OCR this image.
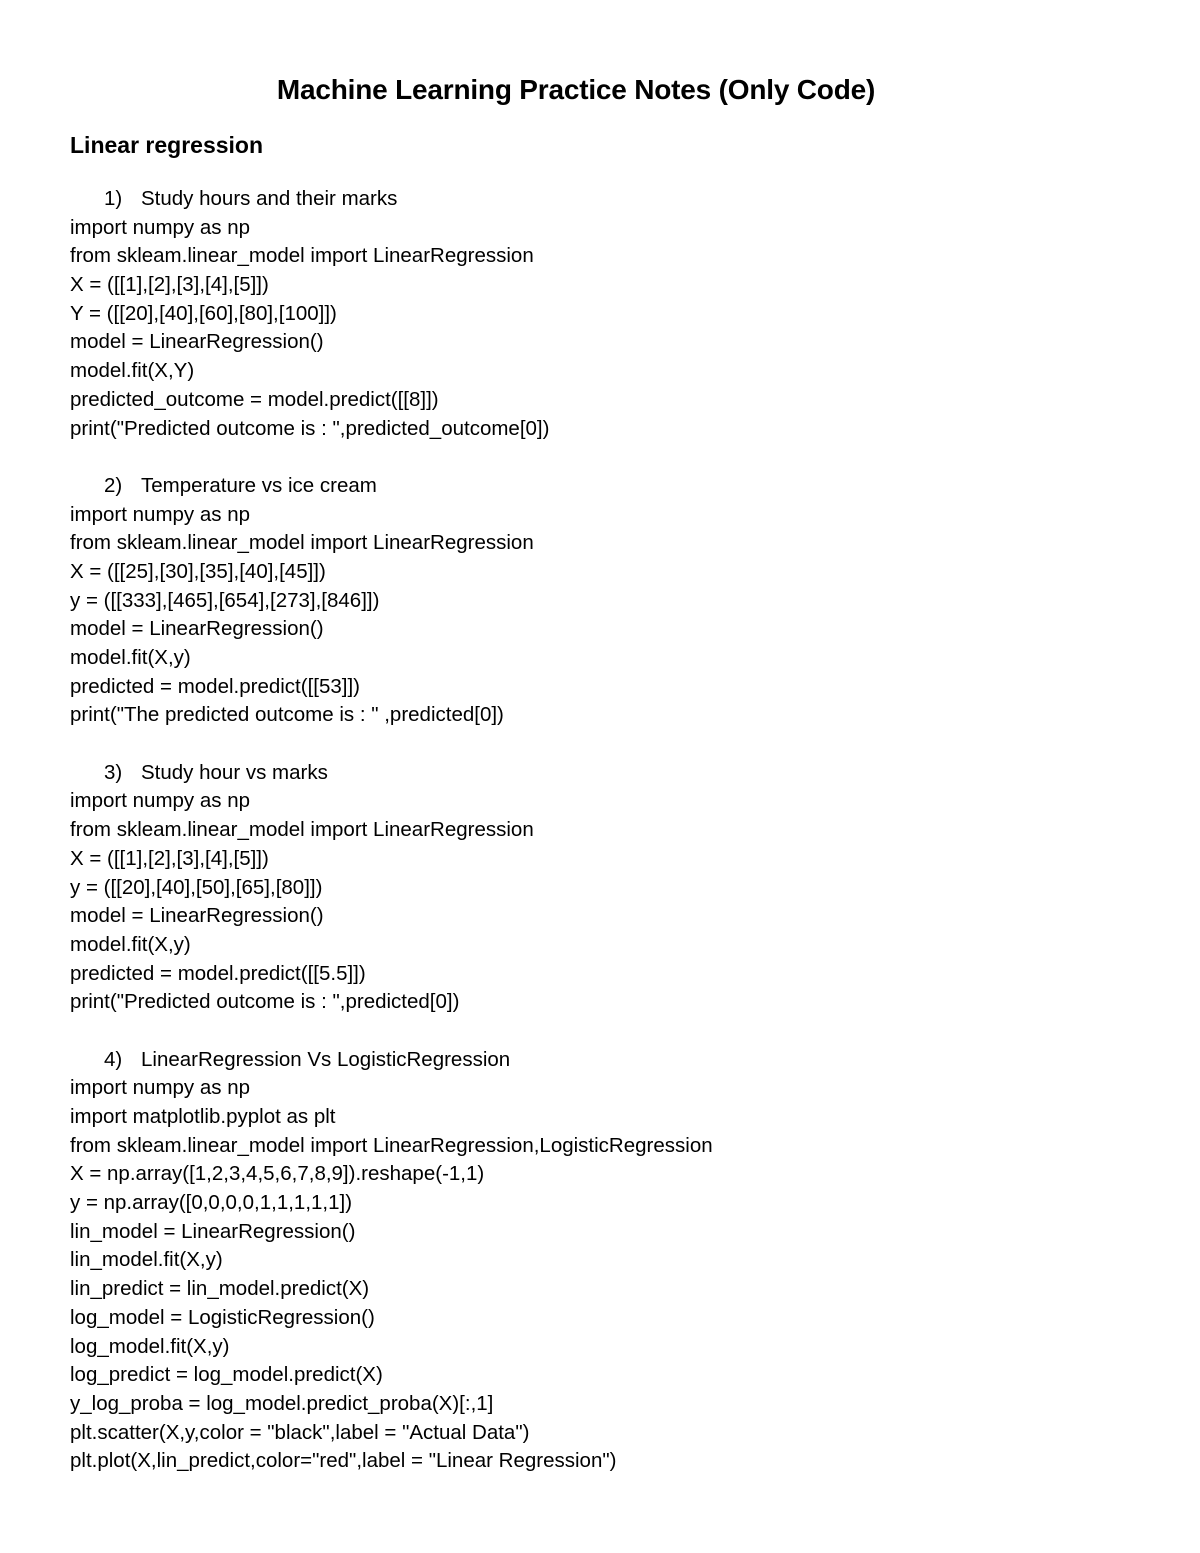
Machine Learning Practice Notes (Only Code)
Linear regression
1) Study hours and their marks
import numpy as np
from skleam.linear_model import LinearRegression
X = ([[1],[2],[3],[4],[5]])
Y = ([[20],[40],[60],[80],[100]])
model = LinearRegression()
model.fit(X,Y)
predicted_outcome = model.predict([[8]])
print("Predicted outcome is : ",predicted_outcome[0])
2) Temperature vs ice cream
import numpy as np
from skleam.linear_model import LinearRegression
X = ([[25],[30],[35],[40],[45]])
y = ([[333],[465],[654],[273],[846]])
model = LinearRegression()
model.fit(X,y)
predicted = model.predict([[53]])
print("The predicted outcome is : " ,predicted[0])
3) Study hour vs marks
import numpy as np
from skleam.linear_model import LinearRegression
X = ([[1],[2],[3],[4],[5]])
y = ([[20],[40],[50],[65],[80]])
model = LinearRegression()
model.fit(X,y)
predicted = model.predict([[5.5]])
print("Predicted outcome is : ",predicted[0])
4) LinearRegression Vs LogisticRegression
import numpy as np
import matplotlib.pyplot as plt
from skleam.linear_model import LinearRegression,LogisticRegression
X = np.array([1,2,3,4,5,6,7,8,9]).reshape(-1,1)
y = np.array([0,0,0,0,1,1,1,1,1])
lin_model = LinearRegression()
lin_model.fit(X,y)
lin_predict = lin_model.predict(X)
log_model = LogisticRegression()
log_model.fit(X,y)
log_predict = log_model.predict(X)
y_log_proba = log_model.predict_proba(X)[:,1]
plt.scatter(X,y,color = "black",label = "Actual Data")
plt.plot(X,lin_predict,color="red",label = "Linear Regression")
